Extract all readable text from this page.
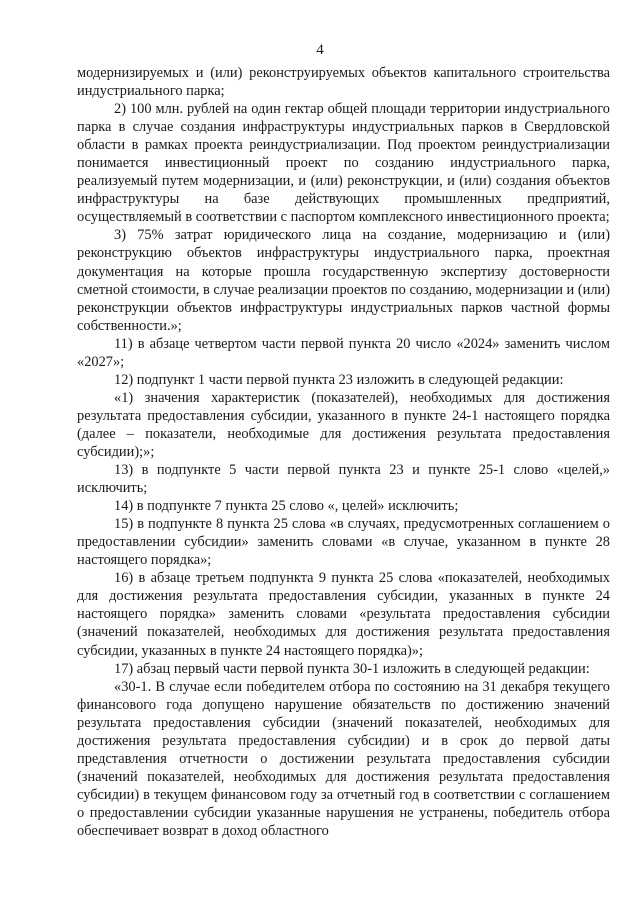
4

модернизируемых и (или) реконструируемых объектов капитального строительства индустриального парка;

2) 100 млн. рублей на один гектар общей площади территории индустриального парка в случае создания инфраструктуры индустриальных парков в Свердловской области в рамках проекта реиндустриализации. Под проектом реиндустриализации понимается инвестиционный проект по созданию индустриального парка, реализуемый путем модернизации, и (или) реконструкции, и (или) создания объектов инфраструктуры на базе действующих промышленных предприятий, осуществляемый в соответствии с паспортом комплексного инвестиционного проекта;

3) 75% затрат юридического лица на создание, модернизацию и (или) реконструкцию объектов инфраструктуры индустриального парка, проектная документация на которые прошла государственную экспертизу достоверности сметной стоимости, в случае реализации проектов по созданию, модернизации и (или) реконструкции объектов инфраструктуры индустриальных парков частной формы собственности.»;

11) в абзаце четвертом части первой пункта 20 число «2024» заменить числом «2027»;

12) подпункт 1 части первой пункта 23 изложить в следующей редакции:

«1) значения характеристик (показателей), необходимых для достижения результата предоставления субсидии, указанного в пункте 24-1 настоящего порядка (далее – показатели, необходимые для достижения результата предоставления субсидии);»;

13) в подпункте 5 части первой пункта 23 и пункте 25-1 слово «целей,» исключить;

14) в подпункте 7 пункта 25 слово «, целей» исключить;

15) в подпункте 8 пункта 25 слова «в случаях, предусмотренных соглашением о предоставлении субсидии» заменить словами «в случае, указанном в пункте 28 настоящего порядка»;

16) в абзаце третьем подпункта 9 пункта 25 слова «показателей, необходимых для достижения результата предоставления субсидии, указанных в пункте 24 настоящего порядка» заменить словами «результата предоставления субсидии (значений показателей, необходимых для достижения результата предоставления субсидии, указанных в пункте 24 настоящего порядка)»;

17) абзац первый части первой пункта 30-1 изложить в следующей редакции:

«30-1. В случае если победителем отбора по состоянию на 31 декабря текущего финансового года допущено нарушение обязательств по достижению значений результата предоставления субсидии (значений показателей, необходимых для достижения результата предоставления субсидии) и в срок до первой даты представления отчетности о достижении результата предоставления субсидии (значений показателей, необходимых для достижения результата предоставления субсидии) в текущем финансовом году за отчетный год в соответствии с соглашением о предоставлении субсидии указанные нарушения не устранены, победитель отбора обеспечивает возврат в доход областного
